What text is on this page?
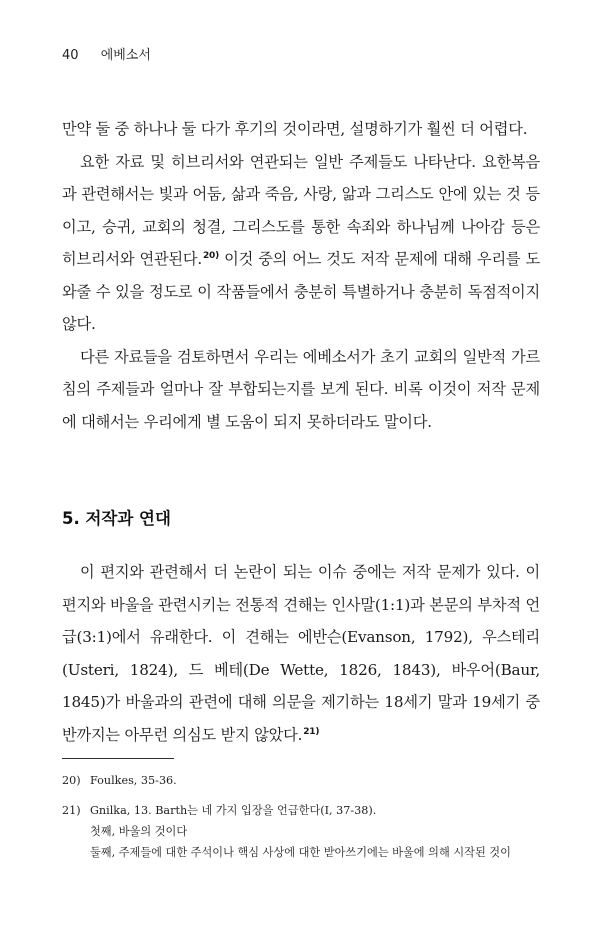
40 에베소서

만약 둘 중 하나나 둘 다가 후기의 것이라면, 설명하기가 훨씬 더 어렵다.

요한 자료 및 히브리서와 연관되는 일반 주제들도 나타난다. 요한복음과 관련해서는 빛과 어둠, 삶과 죽음, 사랑, 앎과 그리스도 안에 있는 것 등이고, 승귀, 교회의 청결, 그리스도를 통한 속죄와 하나님께 나아감 등은 히브리서와 연관된다.$^{20)}$ 이것 중의 어느 것도 저작 문제에 대해 우리를 도와줄 수 있을 정도로 이 작품들에서 충분히 특별하거나 충분히 독점적이지 않다.

다른 자료들을 검토하면서 우리는 에베소서가 초기 교회의 일반적 가르침의 주제들과 얼마나 잘 부합되는지를 보게 된다. 비록 이것이 저작 문제에 대해서는 우리에게 별 도움이 되지 못하더라도 말이다.

5. 저작과 연대

이 편지와 관련해서 더 논란이 되는 이슈 중에는 저작 문제가 있다. 이 편지와 바울을 관련시키는 전통적 견해는 인사말(1:1)과 본문의 부차적 언급(3:1)에서 유래한다. 이 견해는 에반슨(Evanson, 1792), 우스테리(Usteri, 1824), 드 베테(De Wette, 1826, 1843), 바우어(Baur, 1845)가 바울과의 관련에 대해 의문을 제기하는 18세기 말과 19세기 중반까지는 아무런 의심도 받지 않았다.$^{21)}$

20) Foulkes, 35-36.
21) Gnilka, 13. Barth는 네 가지 입장을 언급한다(I, 37-38).
첫째, 바울의 것이다
둘째, 주제들에 대한 주석이나 핵심 사상에 대한 받아쓰기에는 바울에 의해 시작된 것이
